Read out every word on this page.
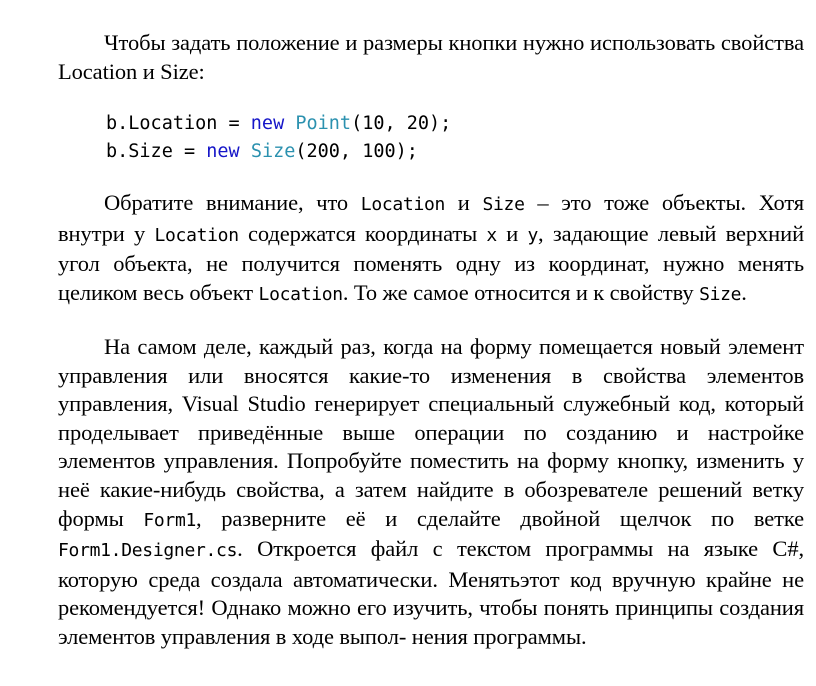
Чтобы задать положение и размеры кнопки нужно использовать свойства Location и Size:

b.Location = new Point(10, 20);
b.Size = new Size(200, 100);

Обратите внимание, что Location и Size – это тоже объекты. Хотя внутри у Location содержатся координаты x и y, задающие левый верхний угол объекта, не получится поменять одну из координат, нужно менять целиком весь объект Location. То же самое относится и к свойству Size.

На самом деле, каждый раз, когда на форму помещается новый элемент управления или вносятся какие-то изменения в свойства элементов управления, Visual Studio генерирует специальный служебный код, который проделывает приведённые выше операции по созданию и настройке элементов управления. Попробуйте поместить на форму кнопку, изменить у неё какие-нибудь свойства, а затем найдите в обозревателе решений ветку формы Form1, разверните её и сделайте двойной щелчок по ветке Form1.Designer.cs. Откроется файл с текстом программы на языке C#, которую среда создала автоматически. Менятьэтот код вручную крайне не рекомендуется! Однако можно его изучить, чтобы понять принципы создания элементов управления в ходе выпол- нения программы.
